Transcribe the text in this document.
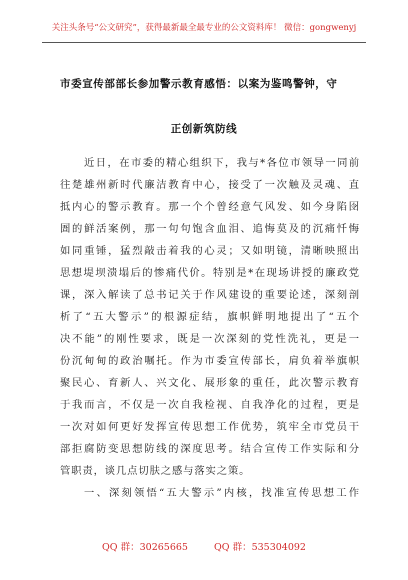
关注头条号“公文研究”，获得最新最全最专业的公文资料库！ 微信：gongwenyj
市委宣传部部长参加警示教育感悟：以案为鉴鸣警钟，守
正创新筑防线
近日，在市委的精心组织下，我与*各位市领导一同前
往楚雄州新时代廉洁教育中心，接受了一次触及灵魂、直
抵内心的警示教育。那一个个曾经意气风发、如今身陷囹
圄的鲜活案例，那一句句饱含血泪、追悔莫及的沉痛忏悔
如同重锤，猛烈敲击着我的心灵；又如明镜，清晰映照出
思想堤坝溃塌后的惨痛代价。特别是*在现场讲授的廉政党
课，深入解读了总书记关于作风建设的重要论述，深刻剖
析了“五大警示”的根源症结，旗帜鲜明地提出了“五个
决不能”的刚性要求，既是一次深刻的党性洗礼，更是一
份沉甸甸的政治嘱托。作为市委宣传部长，肩负着举旗帜
聚民心、育新人、兴文化、展形象的重任，此次警示教育
于我而言，不仅是一次自我检视、自我净化的过程，更是
一次对如何更好发挥宣传思想工作优势，筑牢全市党员干
部拒腐防变思想防线的深度思考。结合宣传工作实际和分
管职责，谈几点切肤之感与落实之策。
一、深刻领悟“五大警示”内核，找准宣传思想工作
QQ 群：30265665	QQ 群：535304092
